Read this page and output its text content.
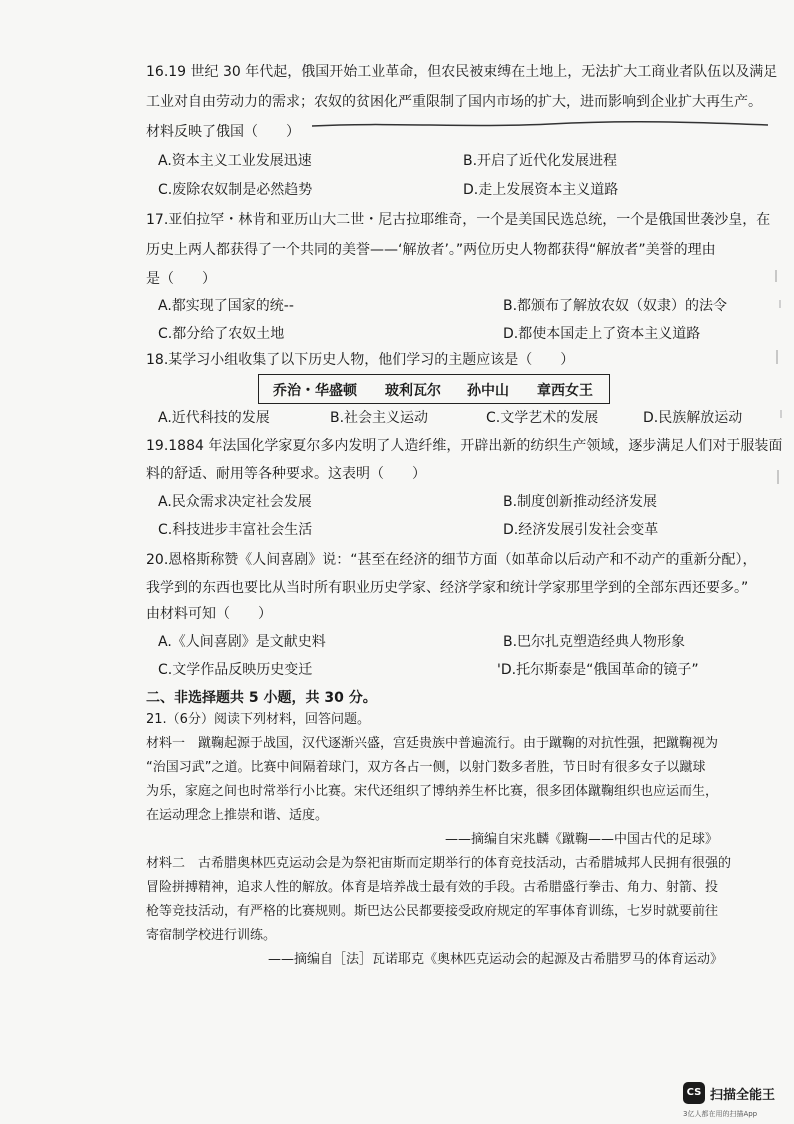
16.19 世纪 30 年代起，俄国开始工业革命，但农民被束缚在土地上，无法扩大工商业者队伍以及满足
工业对自由劳动力的需求；农奴的贫困化严重限制了国内市场的扩大，进而影响到企业扩大再生产。
材料反映了俄国（　　）
A.资本主义工业发展迅速	B.开启了近代化发展进程
C.废除农奴制是必然趋势	D.走上发展资本主义道路
17.亚伯拉罕・林肯和亚历山大二世・尼古拉耶维奇，一个是美国民选总统，一个是俄国世袭沙皇，在
历史上两人都获得了一个共同的美誉——‘解放者’。”两位历史人物都获得“解放者”美誉的理由
是（　　）
A.都实现了国家的统--	B.都颁布了解放农奴（奴隶）的法令
C.都分给了农奴土地	D.都使本国走上了资本主义道路
18.某学习小组收集了以下历史人物，他们学习的主题应该是（　　）
乔治・华盛顿 玻利瓦尔 孙中山 章西女王
A.近代科技的发展	B.社会主义运动	C.文学艺术的发展	D.民族解放运动
19.1884 年法国化学家夏尔多内发明了人造纤维，开辟出新的纺织生产领域，逐步满足人们对于服装面
料的舒适、耐用等各种要求。这表明（　　）
A.民众需求决定社会发展	B.制度创新推动经济发展
C.科技进步丰富社会生活	D.经济发展引发社会变革
20.恩格斯称赞《人间喜剧》说：“甚至在经济的细节方面（如革命以后动产和不动产的重新分配），
我学到的东西也要比从当时所有职业历史学家、经济学家和统计学家那里学到的全部东西还要多。”
由材料可知（　　）
A.《人间喜剧》是文献史料	B.巴尔扎克塑造经典人物形象
C.文学作品反映历史变迁	'D.托尔斯泰是“俄国革命的镜子”
二、非选择题共 5 小题，共 30 分。
21.（6分）阅读下列材料，回答问题。
材料一　蹴鞠起源于战国，汉代逐渐兴盛，宫廷贵族中普遍流行。由于蹴鞠的对抗性强，把蹴鞠视为
“治国习武”之道。比赛中间隔着球门，双方各占一侧，以射门数多者胜，节日时有很多女子以蹴球
为乐，家庭之间也时常举行小比赛。宋代还组织了博纳养生杯比赛，很多团体蹴鞠组织也应运而生，
在运动理念上推崇和谐、适度。
——摘编自宋兆麟《蹴鞠——中国古代的足球》
材料二　古希腊奥林匹克运动会是为祭祀宙斯而定期举行的体育竞技活动，古希腊城邦人民拥有很强的
冒险拼搏精神，追求人性的解放。体育是培养战士最有效的手段。古希腊盛行拳击、角力、射箭、投
枪等竞技活动，有严格的比赛规则。斯巴达公民都要接受政府规定的军事体育训练，七岁时就要前往
寄宿制学校进行训练。
——摘编自［法］瓦诺耶克《奥林匹克运动会的起源及古希腊罗马的体育运动》
CS 扫描全能王
3亿人都在用的扫描App
